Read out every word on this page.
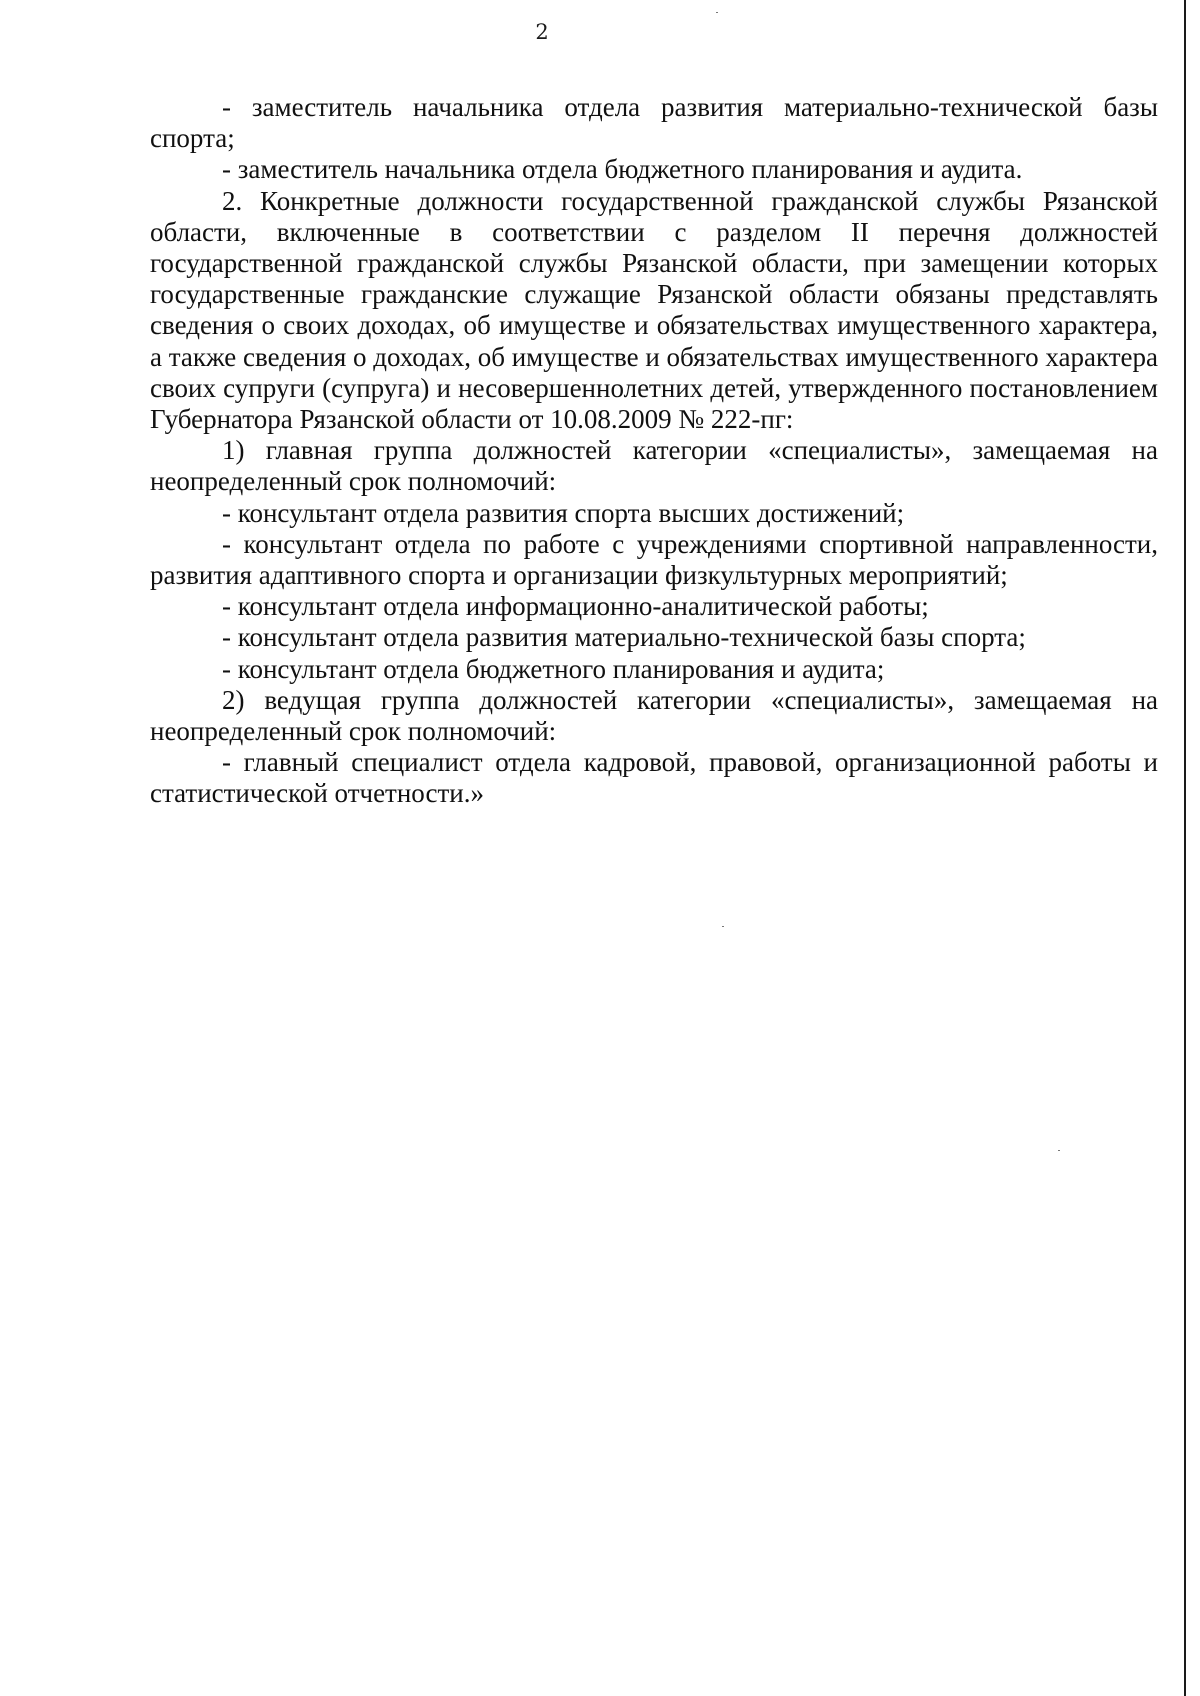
2

- заместитель начальника отдела развития материально-технической базы спорта;

- заместитель начальника отдела бюджетного планирования и аудита.

2. Конкретные должности государственной гражданской службы Рязанской области, включенные в соответствии с разделом II перечня должностей государственной гражданской службы Рязанской области, при замещении которых государственные гражданские служащие Рязанской области обязаны представлять сведения о своих доходах, об имуществе и обязательствах имущественного характера, а также сведения о доходах, об имуществе и обязательствах имущественного характера своих супруги (супруга) и несовершеннолетних детей, утвержденного постановлением Губернатора Рязанской области от 10.08.2009 № 222-пг:

1) главная группа должностей категории «специалисты», замещаемая на неопределенный срок полномочий:

- консультант отдела развития спорта высших достижений;

- консультант отдела по работе с учреждениями спортивной направленности, развития адаптивного спорта и организации физкультурных мероприятий;

- консультант отдела информационно-аналитической работы;

- консультант отдела развития материально-технической базы спорта;

- консультант отдела бюджетного планирования и аудита;

2) ведущая группа должностей категории «специалисты», замещаемая на неопределенный срок полномочий:

- главный специалист отдела кадровой, правовой, организационной работы и статистической отчетности.»
